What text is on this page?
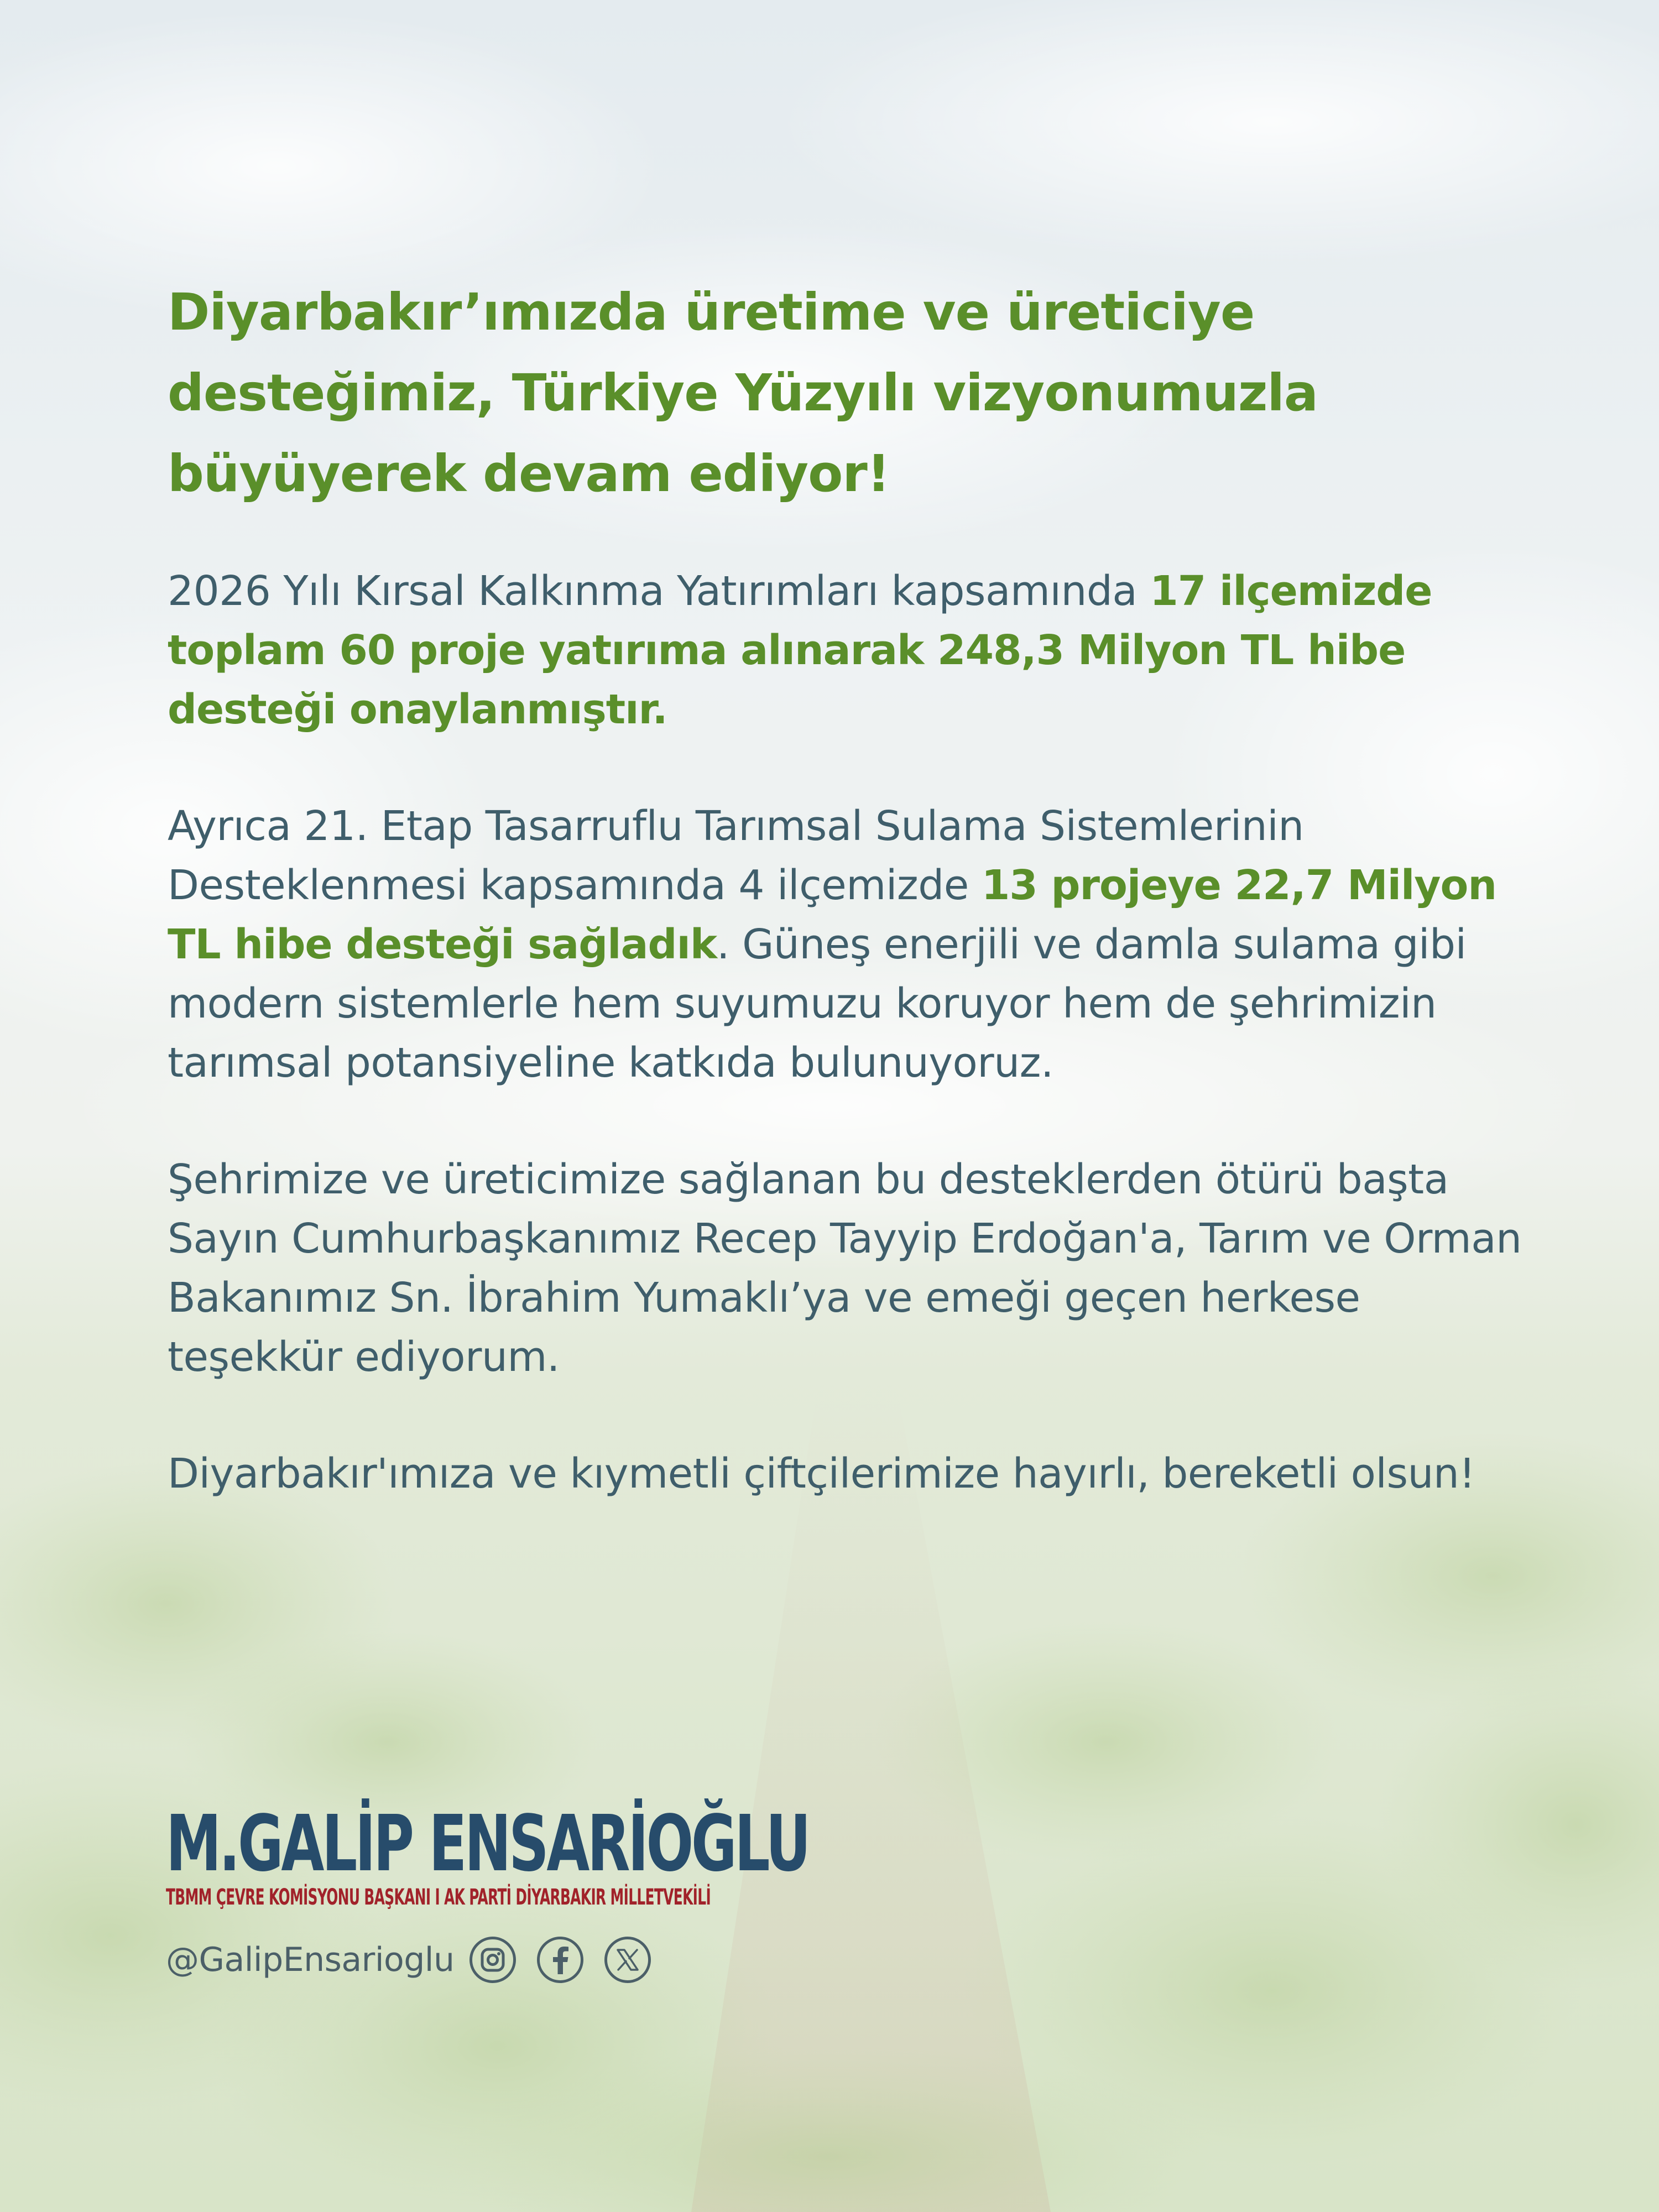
Diyarbakır’ımızda üretime ve üreticiye desteğimiz, Türkiye Yüzyılı vizyonumuzla büyüyerek devam ediyor!

2026 Yılı Kırsal Kalkınma Yatırımları kapsamında 17 ilçemizde toplam 60 proje yatırıma alınarak 248,3 Milyon TL hibe desteği onaylanmıştır.

Ayrıca 21. Etap Tasarruflu Tarımsal Sulama Sistemlerinin Desteklenmesi kapsamında 4 ilçemizde 13 projeye 22,7 Milyon TL hibe desteği sağladık. Güneş enerjili ve damla sulama gibi modern sistemlerle hem suyumuzu koruyor hem de şehrimizin tarımsal potansiyeline katkıda bulunuyoruz.

Şehrimize ve üreticimize sağlanan bu desteklerden ötürü başta Sayın Cumhurbaşkanımız Recep Tayyip Erdoğan'a, Tarım ve Orman Bakanımız Sn. İbrahim Yumaklı’ya ve emeği geçen herkese teşekkür ediyorum.

Diyarbakır'ımıza ve kıymetli çiftçilerimize hayırlı, bereketli olsun!

M.GALİP ENSARİOĞLU
TBMM ÇEVRE KOMİSYONU BAŞKANI I AK PARTİ DİYARBAKIR MİLLETVEKİLİ
@GalipEnsarioglu
